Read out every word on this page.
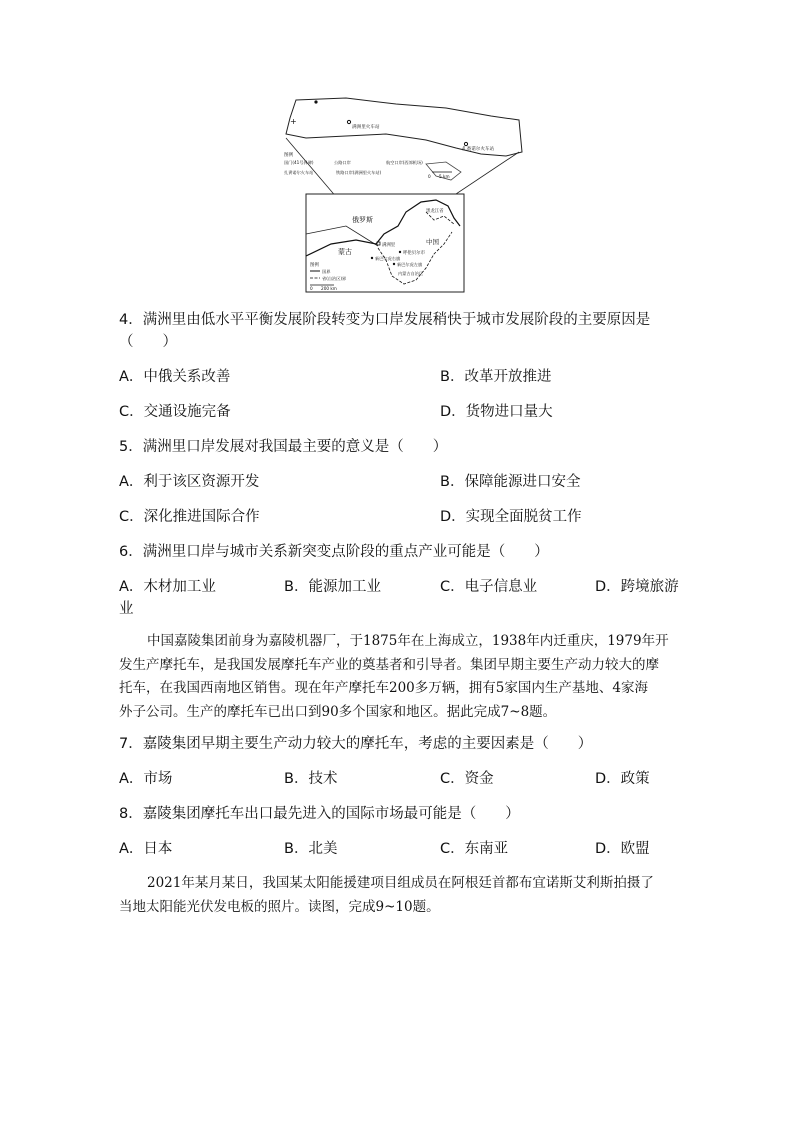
+
满洲里火车站
扎赉诺尔火车站
图例
国门(41号界碑)	公路口岸	航空口岸(西郊机场)
扎赉诺尔火车站	铁路口岸(满洲里火车站)
0　　5 km
俄罗斯
黑龙江省
中国
蒙古
满洲里
呼伦贝尔市
新巴尔虎右旗
新巴尔虎左旗
内蒙古自治区
图例
国界
省(自治区)界
0　　200 km
4．满洲里由低水平平衡发展阶段转变为口岸发展稍快于城市发展阶段的主要原因是
（　　）
A．中俄关系改善	B．改革开放推进
C．交通设施完备	D．货物进口量大
5．满洲里口岸发展对我国最主要的意义是（　　）
A．利于该区资源开发	B．保障能源进口安全
C．深化推进国际合作	D．实现全面脱贫工作
6．满洲里口岸与城市关系新突变点阶段的重点产业可能是（　　）
A．木材加工业	B．能源加工业	C．电子信息业	D．跨境旅游
业
中国嘉陵集团前身为嘉陵机器厂，于1875年在上海成立，1938年内迁重庆，1979年开
发生产摩托车，是我国发展摩托车产业的奠基者和引导者。集团早期主要生产动力较大的摩
托车，在我国西南地区销售。现在年产摩托车200多万辆，拥有5家国内生产基地、4家海
外子公司。生产的摩托车已出口到90多个国家和地区。据此完成7~8题。
7．嘉陵集团早期主要生产动力较大的摩托车，考虑的主要因素是（　　）
A．市场	B．技术	C．资金	D．政策
8．嘉陵集团摩托车出口最先进入的国际市场最可能是（　　）
A．日本	B．北美	C．东南亚	D．欧盟
2021年某月某日，我国某太阳能援建项目组成员在阿根廷首都布宜诺斯艾利斯拍摄了
当地太阳能光伏发电板的照片。读图，完成9~10题。
